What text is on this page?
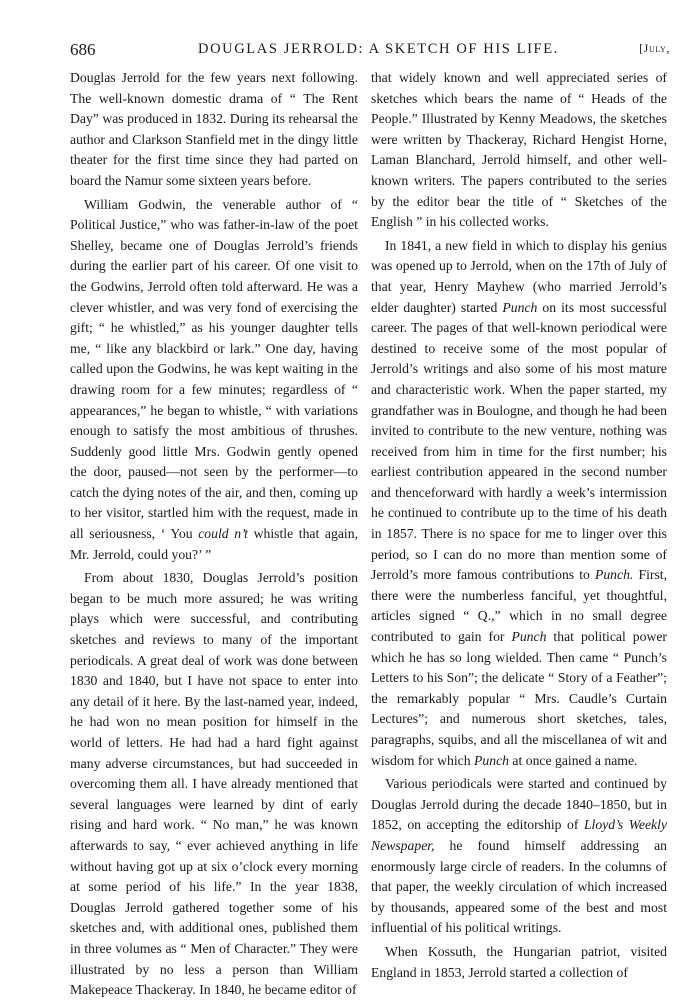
686	DOUGLAS JERROLD: A SKETCH OF HIS LIFE.	[July,

Douglas Jerrold for the few years next following. The well-known domestic drama of “ The Rent Day” was produced in 1832. During its rehearsal the author and Clarkson Stanfield met in the dingy little theater for the first time since they had parted on board the Namur some sixteen years before.

William Godwin, the venerable author of “ Political Justice,” who was father-in-law of the poet Shelley, became one of Douglas Jerrold’s friends during the earlier part of his career. Of one visit to the Godwins, Jerrold often told afterward. He was a clever whistler, and was very fond of exercising the gift; “ he whistled,” as his younger daughter tells me, “ like any blackbird or lark.” One day, having called upon the Godwins, he was kept waiting in the drawing room for a few minutes; regardless of “ appearances,” he began to whistle, “ with variations enough to satisfy the most ambitious of thrushes. Suddenly good little Mrs. Godwin gently opened the door, paused—not seen by the performer—to catch the dying notes of the air, and then, coming up to her visitor, startled him with the request, made in all seriousness, ‘ You could n’t whistle that again, Mr. Jerrold, could you?’ ”

From about 1830, Douglas Jerrold’s position began to be much more assured; he was writing plays which were successful, and contributing sketches and reviews to many of the important periodicals. A great deal of work was done between 1830 and 1840, but I have not space to enter into any detail of it here. By the last-named year, indeed, he had won no mean position for himself in the world of letters. He had had a hard fight against many adverse circumstances, but had succeeded in overcoming them all. I have already mentioned that several languages were learned by dint of early rising and hard work. “ No man,” he was known afterwards to say, “ ever achieved anything in life without having got up at six o’clock every morning at some period of his life.” In the year 1838, Douglas Jerrold gathered together some of his sketches and, with additional ones, published them in three volumes as “ Men of Character.” They were illustrated by no less a person than William Makepeace Thackeray. In 1840, he became editor of

that widely known and well appreciated series of sketches which bears the name of “ Heads of the People.” Illustrated by Kenny Meadows, the sketches were written by Thackeray, Richard Hengist Horne, Laman Blanchard, Jerrold himself, and other well-known writers. The papers contributed to the series by the editor bear the title of “ Sketches of the English ” in his collected works.

In 1841, a new field in which to display his genius was opened up to Jerrold, when on the 17th of July of that year, Henry Mayhew (who married Jerrold’s elder daughter) started Punch on its most successful career. The pages of that well-known periodical were destined to receive some of the most popular of Jerrold’s writings and also some of his most mature and characteristic work. When the paper started, my grandfather was in Boulogne, and though he had been invited to contribute to the new venture, nothing was received from him in time for the first number; his earliest contribution appeared in the second number and thenceforward with hardly a week’s intermission he continued to contribute up to the time of his death in 1857. There is no space for me to linger over this period, so I can do no more than mention some of Jerrold’s more famous contributions to Punch. First, there were the numberless fanciful, yet thoughtful, articles signed “ Q.,” which in no small degree contributed to gain for Punch that political power which he has so long wielded. Then came “ Punch’s Letters to his Son”; the delicate “ Story of a Feather”; the remarkably popular “ Mrs. Caudle’s Curtain Lectures”; and numerous short sketches, tales, paragraphs, squibs, and all the miscellanea of wit and wisdom for which Punch at once gained a name.

Various periodicals were started and continued by Douglas Jerrold during the decade 1840–1850, but in 1852, on accepting the editorship of Lloyd’s Weekly Newspaper, he found himself addressing an enormously large circle of readers. In the columns of that paper, the weekly circulation of which increased by thousands, appeared some of the best and most influential of his political writings.

When Kossuth, the Hungarian patriot, visited England in 1853, Jerrold started a collection of
